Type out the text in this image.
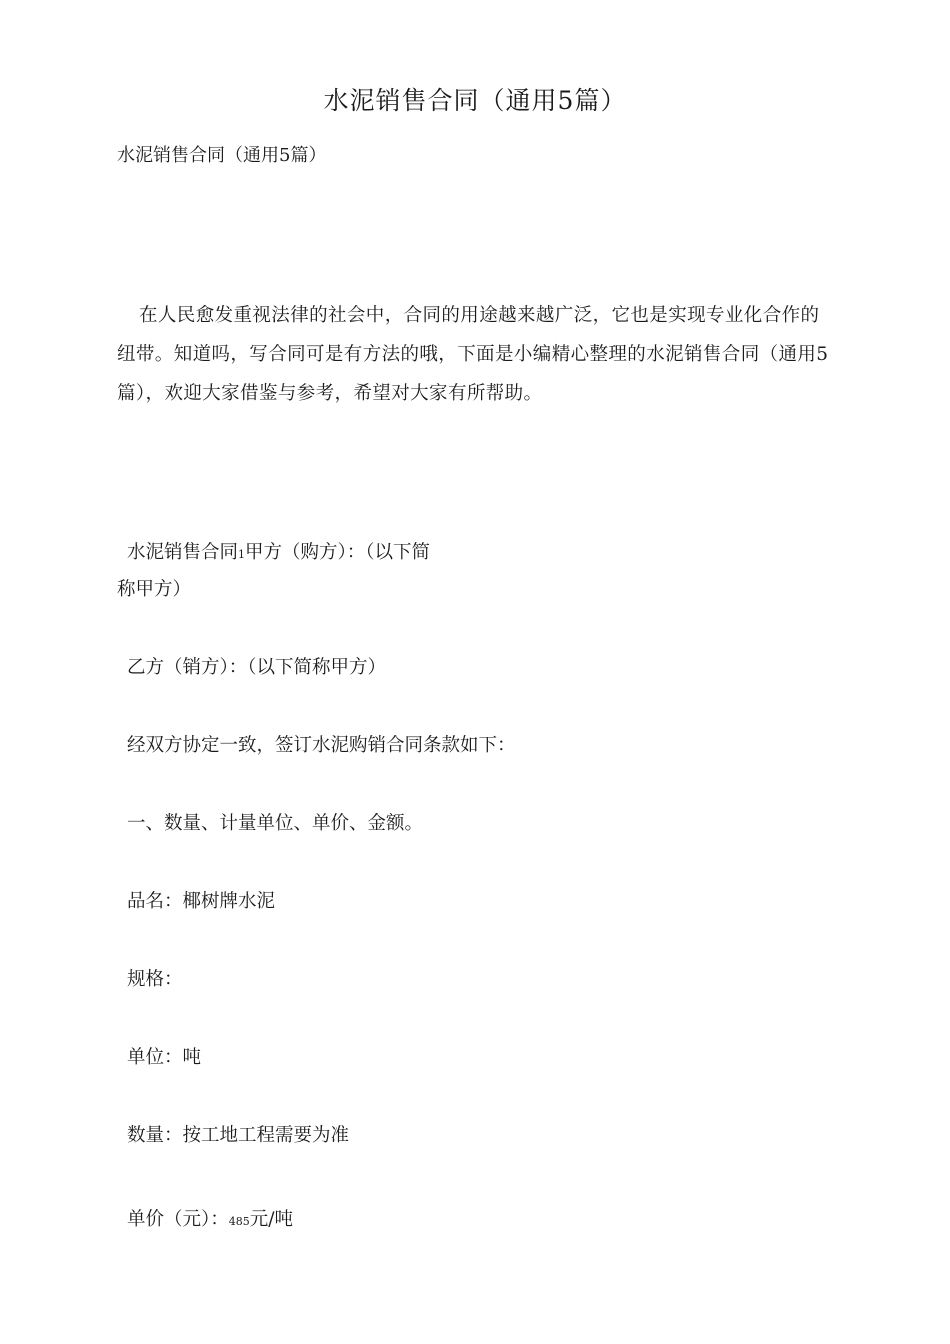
水泥销售合同（通用5篇）
水泥销售合同（通用5篇）

在人民愈发重视法律的社会中，合同的用途越来越广泛，它也是实现专业化合作的纽带。知道吗，写合同可是有方法的哦，下面是小编精心整理的水泥销售合同（通用5篇），欢迎大家借鉴与参考，希望对大家有所帮助。

水泥销售合同1甲方（购方）：（以下简
称甲方）
乙方（销方）：（以下简称甲方）
经双方协定一致，签订水泥购销合同条款如下：
一、数量、计量单位、单价、金额。
品名：椰树牌水泥
规格：
单位：吨
数量：按工地工程需要为准
单价（元）：485元/吨
